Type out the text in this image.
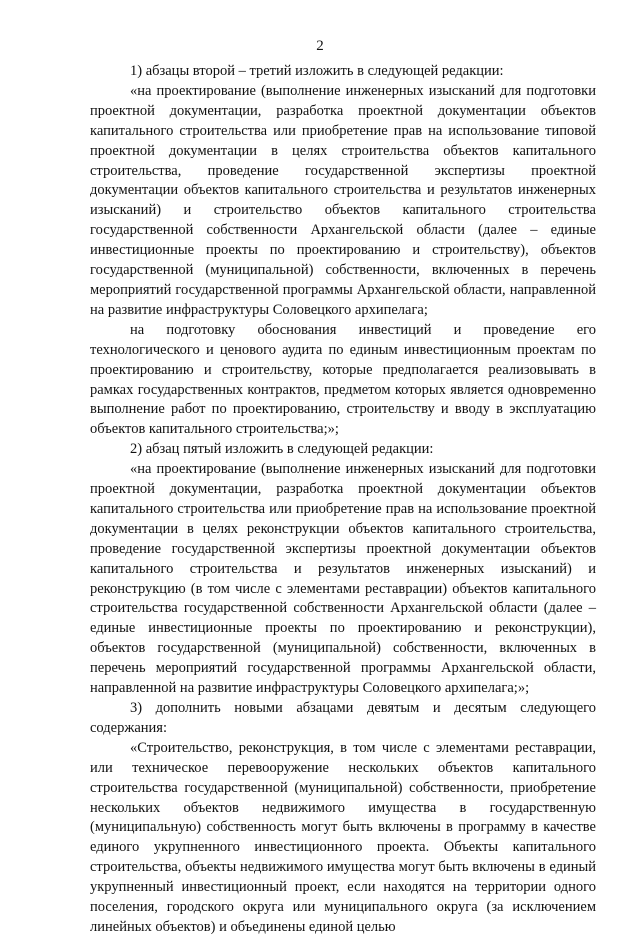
2

1) абзацы второй – третий изложить в следующей редакции:

«на проектирование (выполнение инженерных изысканий для подготовки проектной документации, разработка проектной документации объектов капитального строительства или приобретение прав на использование типовой проектной документации в целях строительства объектов капитального строительства, проведение государственной экспертизы проектной документации объектов капитального строительства и результатов инженерных изысканий) и строительство объектов капитального строительства государственной собственности Архангельской области (далее – единые инвестиционные проекты по проектированию и строительству), объектов государственной (муниципальной) собственности, включенных в перечень мероприятий государственной программы Архангельской области, направленной на развитие инфраструктуры Соловецкого архипелага;

на подготовку обоснования инвестиций и проведение его технологического и ценового аудита по единым инвестиционным проектам по проектированию и строительству, которые предполагается реализовывать в рамках государственных контрактов, предметом которых является одновременно выполнение работ по проектированию, строительству и вводу в эксплуатацию объектов капитального строительства;»;

2) абзац пятый изложить в следующей редакции:

«на проектирование (выполнение инженерных изысканий для подготовки проектной документации, разработка проектной документации объектов капитального строительства или приобретение прав на использование проектной документации в целях реконструкции объектов капитального строительства, проведение государственной экспертизы проектной документации объектов капитального строительства и результатов инженерных изысканий) и реконструкцию (в том числе с элементами реставрации) объектов капитального строительства государственной собственности Архангельской области (далее – единые инвестиционные проекты по проектированию и реконструкции), объектов государственной (муниципальной) собственности, включенных в перечень мероприятий государственной программы Архангельской области, направленной на развитие инфраструктуры Соловецкого архипелага;»;

3) дополнить новыми абзацами девятым и десятым следующего содержания:

«Строительство, реконструкция, в том числе с элементами реставрации, или техническое перевооружение нескольких объектов капитального строительства государственной (муниципальной) собственности, приобретение нескольких объектов недвижимого имущества в государственную (муниципальную) собственность могут быть включены в программу в качестве единого укрупненного инвестиционного проекта. Объекты капитального строительства, объекты недвижимого имущества могут быть включены в единый укрупненный инвестиционный проект, если находятся на территории одного поселения, городского округа или муниципального округа (за исключением линейных объектов) и объединены единой целью
